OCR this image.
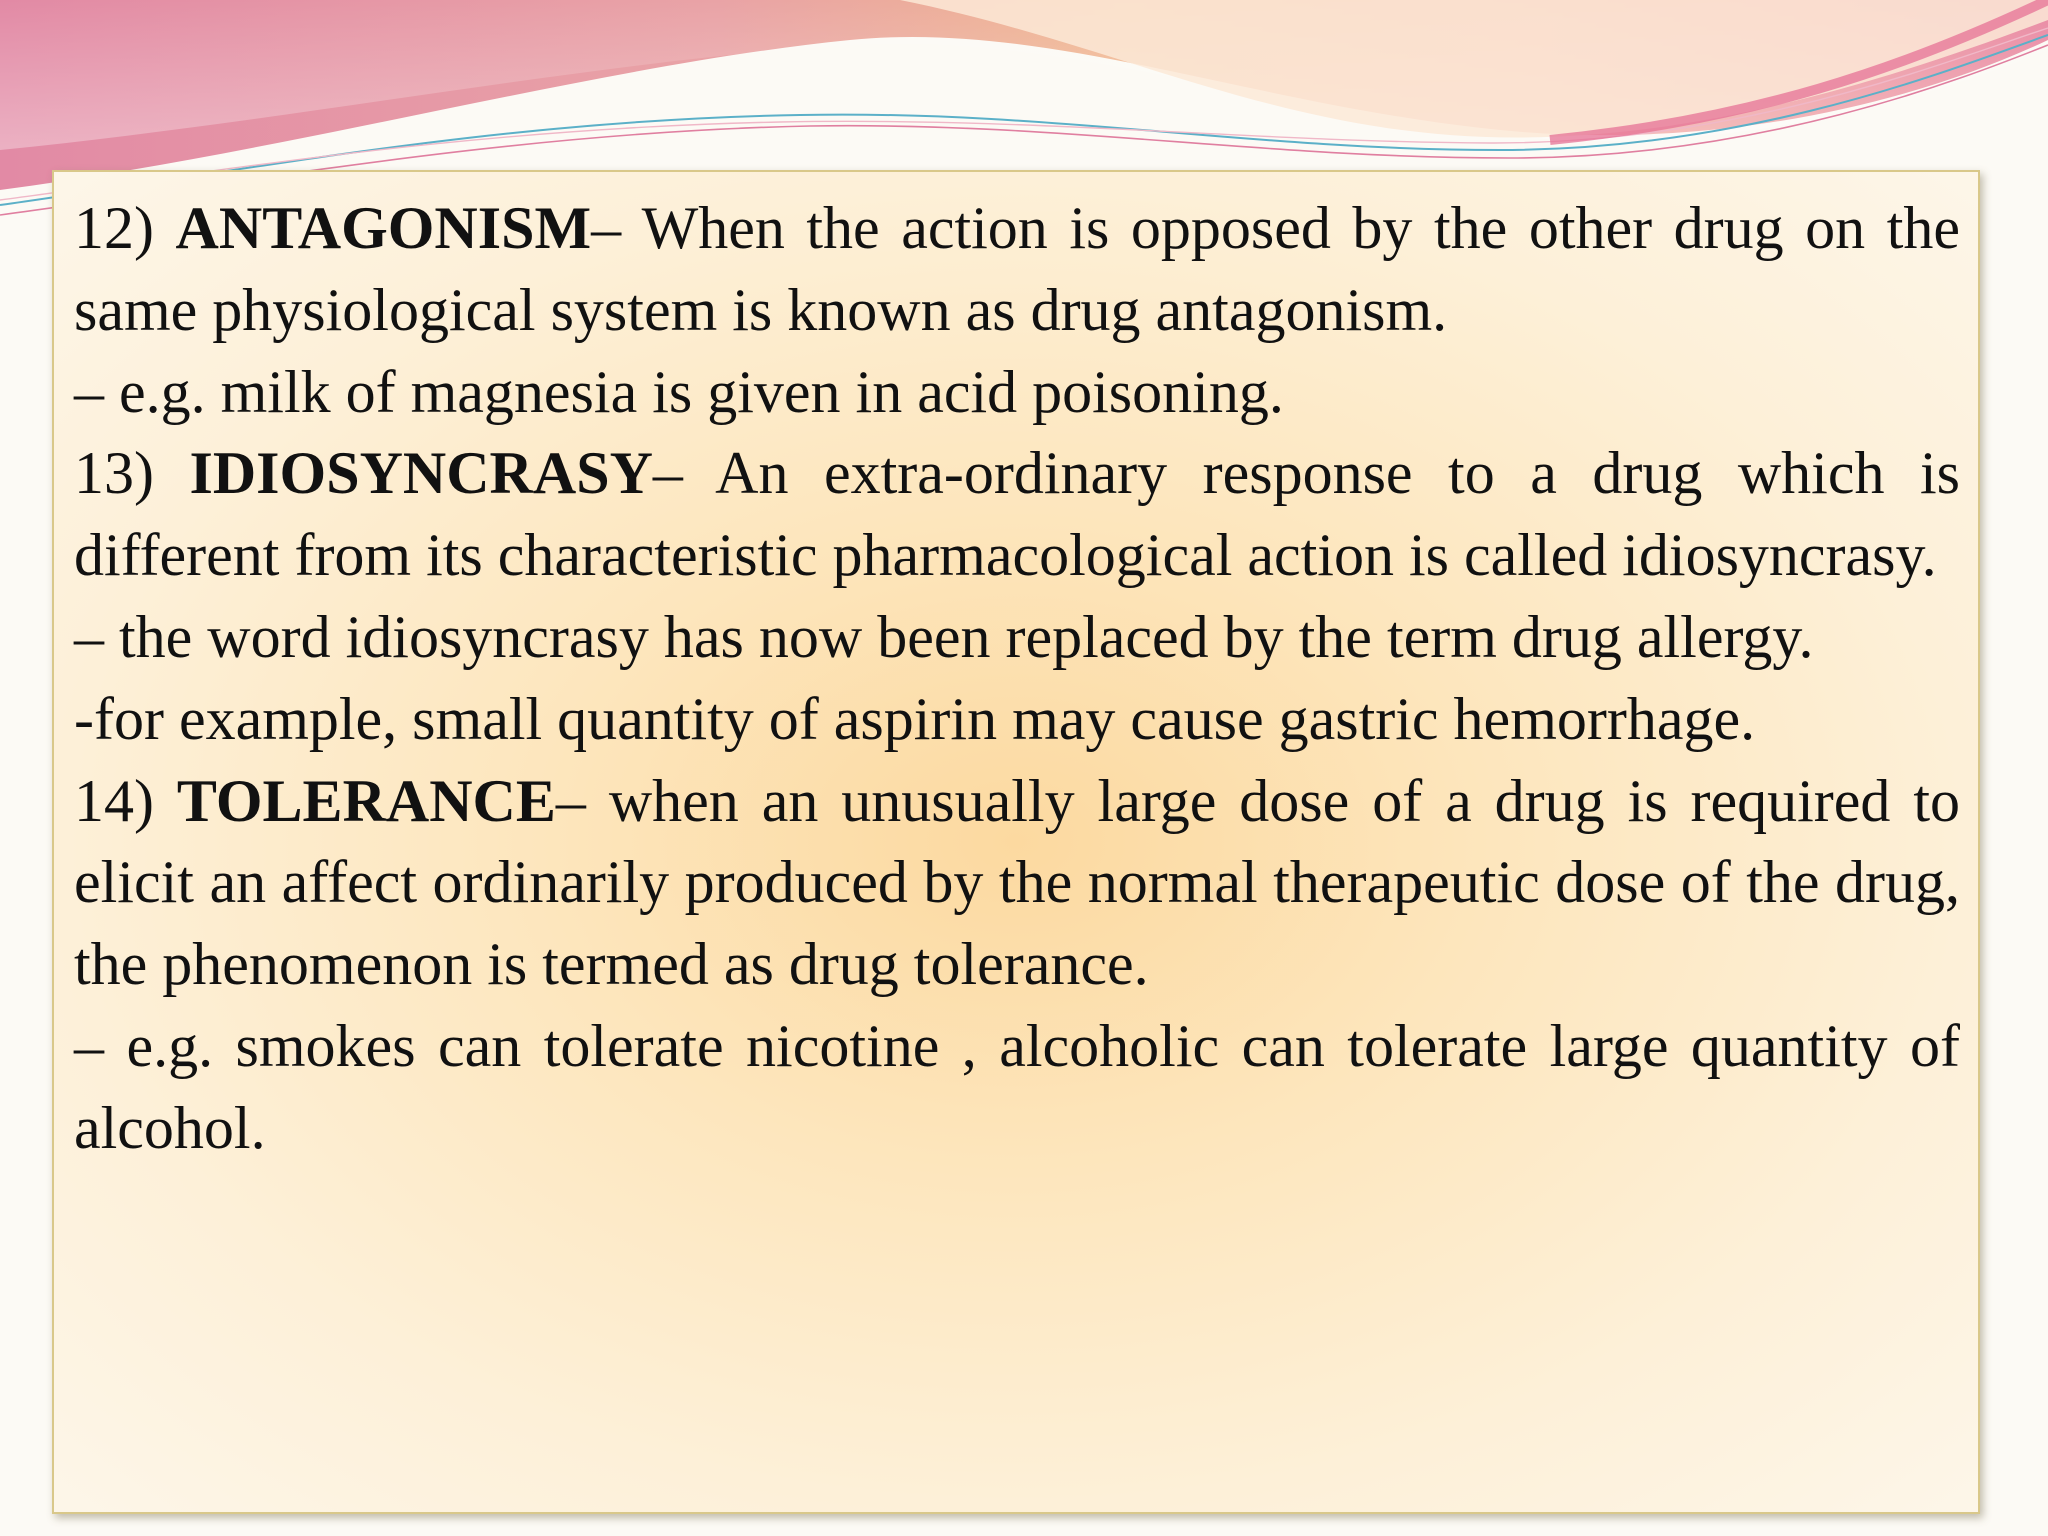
12) ANTAGONISM– When the action is opposed by the other drug on the same physiological system is known as drug antagonism.

– e.g. milk of magnesia is given in acid poisoning.

13) IDIOSYNCRASY– An extra-ordinary response to a drug which is different from its characteristic pharmacological action is called idiosyncrasy.

– the word idiosyncrasy has now been replaced by the term drug allergy.

-for example, small quantity of aspirin may cause gastric hemorrhage.

14) TOLERANCE– when an unusually large dose of a drug is required to elicit an affect ordinarily produced by the normal therapeutic dose of the drug, the phenomenon is termed as drug tolerance.

– e.g. smokes can tolerate nicotine , alcoholic can tolerate large quantity of alcohol.
